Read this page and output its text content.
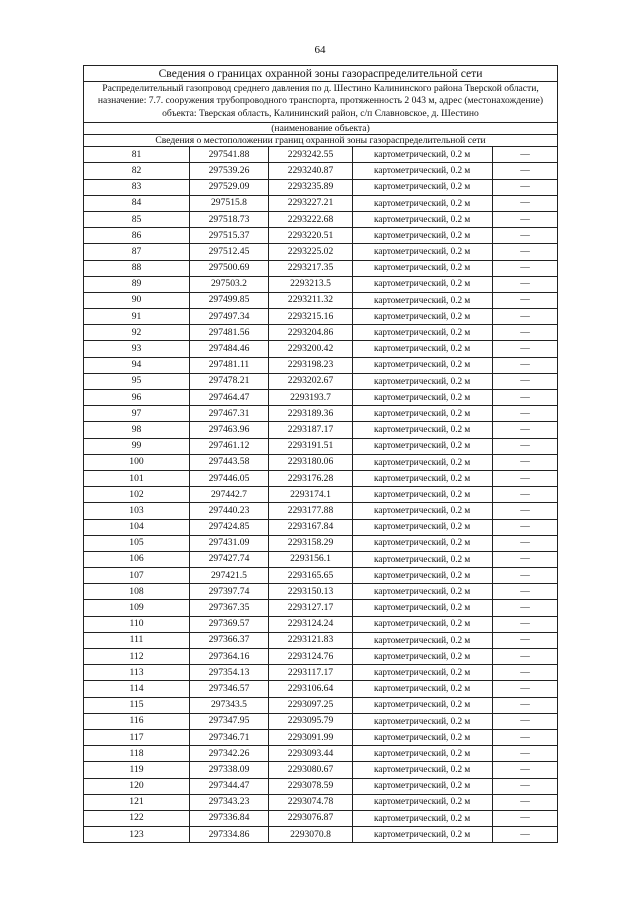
64
Сведения о границах охранной зоны газораспределительной сети				
Распределительный газопровод среднего давления по д. Шестино Калининского района Тверской области, назначение: 7.7. сооружения трубопроводного транспорта, протяженность 2 043 м, адрес (местонахождение) объекта: Тверская область, Калининский район, с/п Славновское, д. Шестино				
(наименование объекта)				
Сведения о местоположении границ охранной зоны газораспределительной сети				
81	297541.88	2293242.55	картометрический, 0.2 м	—
82	297539.26	2293240.87	картометрический, 0.2 м	—
83	297529.09	2293235.89	картометрический, 0.2 м	—
84	297515.8	2293227.21	картометрический, 0.2 м	—
85	297518.73	2293222.68	картометрический, 0.2 м	—
86	297515.37	2293220.51	картометрический, 0.2 м	—
87	297512.45	2293225.02	картометрический, 0.2 м	—
88	297500.69	2293217.35	картометрический, 0.2 м	—
89	297503.2	2293213.5	картометрический, 0.2 м	—
90	297499.85	2293211.32	картометрический, 0.2 м	—
91	297497.34	2293215.16	картометрический, 0.2 м	—
92	297481.56	2293204.86	картометрический, 0.2 м	—
93	297484.46	2293200.42	картометрический, 0.2 м	—
94	297481.11	2293198.23	картометрический, 0.2 м	—
95	297478.21	2293202.67	картометрический, 0.2 м	—
96	297464.47	2293193.7	картометрический, 0.2 м	—
97	297467.31	2293189.36	картометрический, 0.2 м	—
98	297463.96	2293187.17	картометрический, 0.2 м	—
99	297461.12	2293191.51	картометрический, 0.2 м	—
100	297443.58	2293180.06	картометрический, 0.2 м	—
101	297446.05	2293176.28	картометрический, 0.2 м	—
102	297442.7	2293174.1	картометрический, 0.2 м	—
103	297440.23	2293177.88	картометрический, 0.2 м	—
104	297424.85	2293167.84	картометрический, 0.2 м	—
105	297431.09	2293158.29	картометрический, 0.2 м	—
106	297427.74	2293156.1	картометрический, 0.2 м	—
107	297421.5	2293165.65	картометрический, 0.2 м	—
108	297397.74	2293150.13	картометрический, 0.2 м	—
109	297367.35	2293127.17	картометрический, 0.2 м	—
110	297369.57	2293124.24	картометрический, 0.2 м	—
111	297366.37	2293121.83	картометрический, 0.2 м	—
112	297364.16	2293124.76	картометрический, 0.2 м	—
113	297354.13	2293117.17	картометрический, 0.2 м	—
114	297346.57	2293106.64	картометрический, 0.2 м	—
115	297343.5	2293097.25	картометрический, 0.2 м	—
116	297347.95	2293095.79	картометрический, 0.2 м	—
117	297346.71	2293091.99	картометрический, 0.2 м	—
118	297342.26	2293093.44	картометрический, 0.2 м	—
119	297338.09	2293080.67	картометрический, 0.2 м	—
120	297344.47	2293078.59	картометрический, 0.2 м	—
121	297343.23	2293074.78	картометрический, 0.2 м	—
122	297336.84	2293076.87	картометрический, 0.2 м	—
123	297334.86	2293070.8	картометрический, 0.2 м	—
